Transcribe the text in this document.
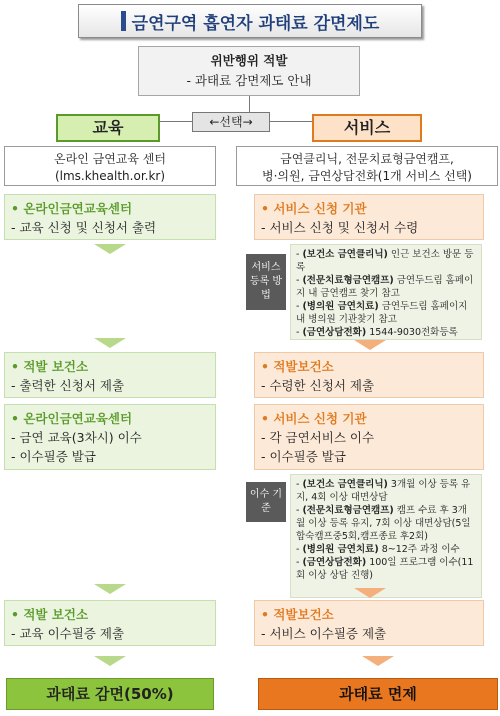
금연구역 흡연자 과태료 감면제도
위반행위 적발
- 과태료 감면제도 안내
←선택→
교육	서비스
온라인 금연교육 센터
(lms.khealth.or.kr)
금연클리닉, 전문치료형금연캠프,
병·의원, 금연상담전화(1개 서비스 선택)
• 온라인금연교육센터
- 교육 신청 및 신청서 출력
• 적발 보건소
- 출력한 신청서 제출
• 온라인금연교육센터
- 금연 교육(3차시) 이수
- 이수필증 발급
• 적발 보건소
- 교육 이수필증 제출
• 서비스 신청 기관
- 서비스 신청 및 신청서 수령
서비스 등록 방법
- (보건소 금연클리닉) 인근 보건소 방문 등록
- (전문치료형금연캠프) 금연두드림 홈페이지 내 금연캠프 찾기 참고
- (병의원 금연치료) 금연두드림 홈페이지 내 병의원 기관찾기 참고
- (금연상담전화) 1544-9030전화등록
• 적발보건소
- 수령한 신청서 제출
• 서비스 신청 기관
- 각 금연서비스 이수
- 이수필증 발급
이수 기준
- (보건소 금연클리닉) 3개월 이상 등록 유지, 4회 이상 대면상담
- (전문치료형금연캠프) 캠프 수료 후 3개월 이상 등록 유지, 7회 이상 대면상담(5일합숙캠프중5회,캠프종료 후2회)
- (병의원 금연치료) 8~12주 과정 이수
- (금연상담전화) 100일 프로그램 이수(11회 이상 상담 진행)
• 적발보건소
- 서비스 이수필증 제출
과태료 감면(50%)	과태료 면제
